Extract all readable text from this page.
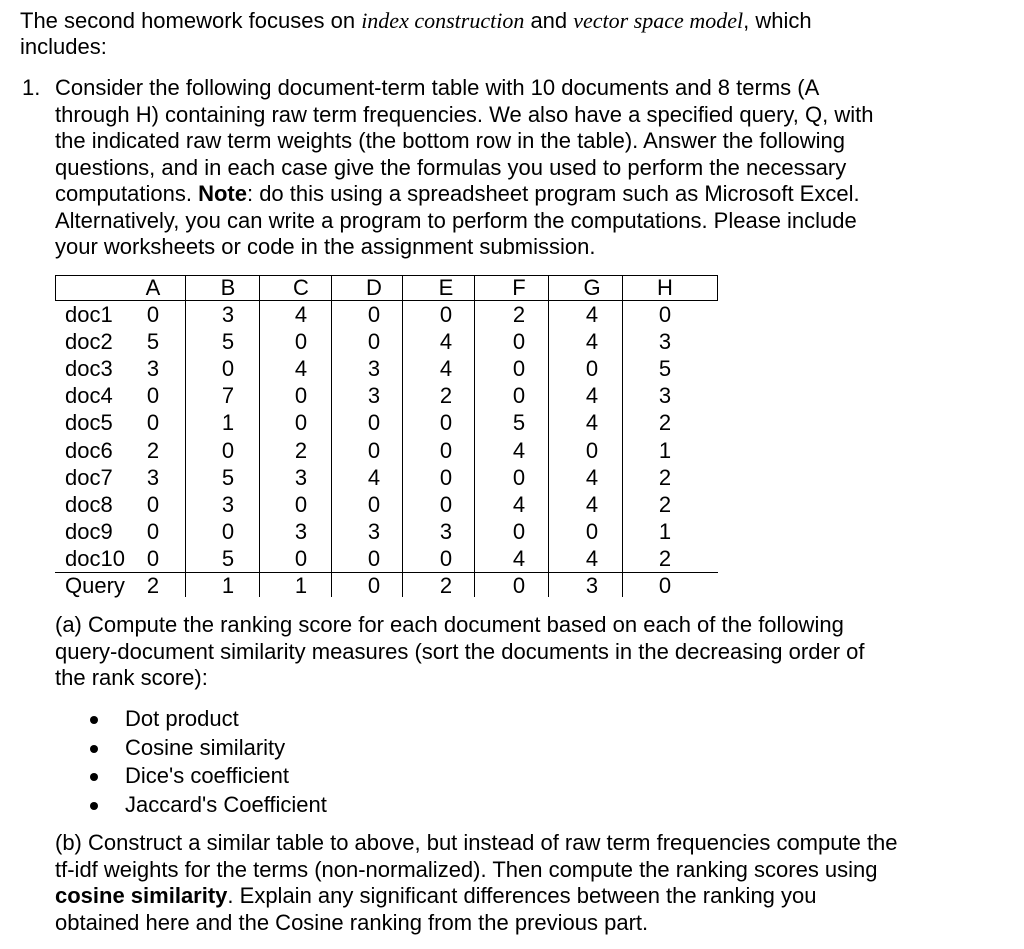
The second homework focuses on index construction and vector space model, which
includes:
1. Consider the following document-term table with 10 documents and 8 terms (A
through H) containing raw term frequencies. We also have a specified query, Q, with
the indicated raw term weights (the bottom row in the table). Answer the following
questions, and in each case give the formulas you used to perform the necessary
computations. Note: do this using a spreadsheet program such as Microsoft Excel.
Alternatively, you can write a program to perform the computations. Please include
your worksheets or code in the assignment submission.
A	B	C	D	E	F	G	H
doc1	0	3	4	0	0	2	4	0
doc2	5	5	0	0	4	0	4	3
doc3	3	0	4	3	4	0	0	5
doc4	0	7	0	3	2	0	4	3
doc5	0	1	0	0	0	5	4	2
doc6	2	0	2	0	0	4	0	1
doc7	3	5	3	4	0	0	4	2
doc8	0	3	0	0	0	4	4	2
doc9	0	0	3	3	3	0	0	1
doc10 0	5	0	0	0	4	4	2
Query 2	1	1	0	2	0	3	0
(a) Compute the ranking score for each document based on each of the following
query-document similarity measures (sort the documents in the decreasing order of
the rank score):
Dot product
Cosine similarity
Dice's coefficient
Jaccard's Coefficient
(b) Construct a similar table to above, but instead of raw term frequencies compute the
tf-idf weights for the terms (non-normalized). Then compute the ranking scores using
cosine similarity. Explain any significant differences between the ranking you
obtained here and the Cosine ranking from the previous part.
